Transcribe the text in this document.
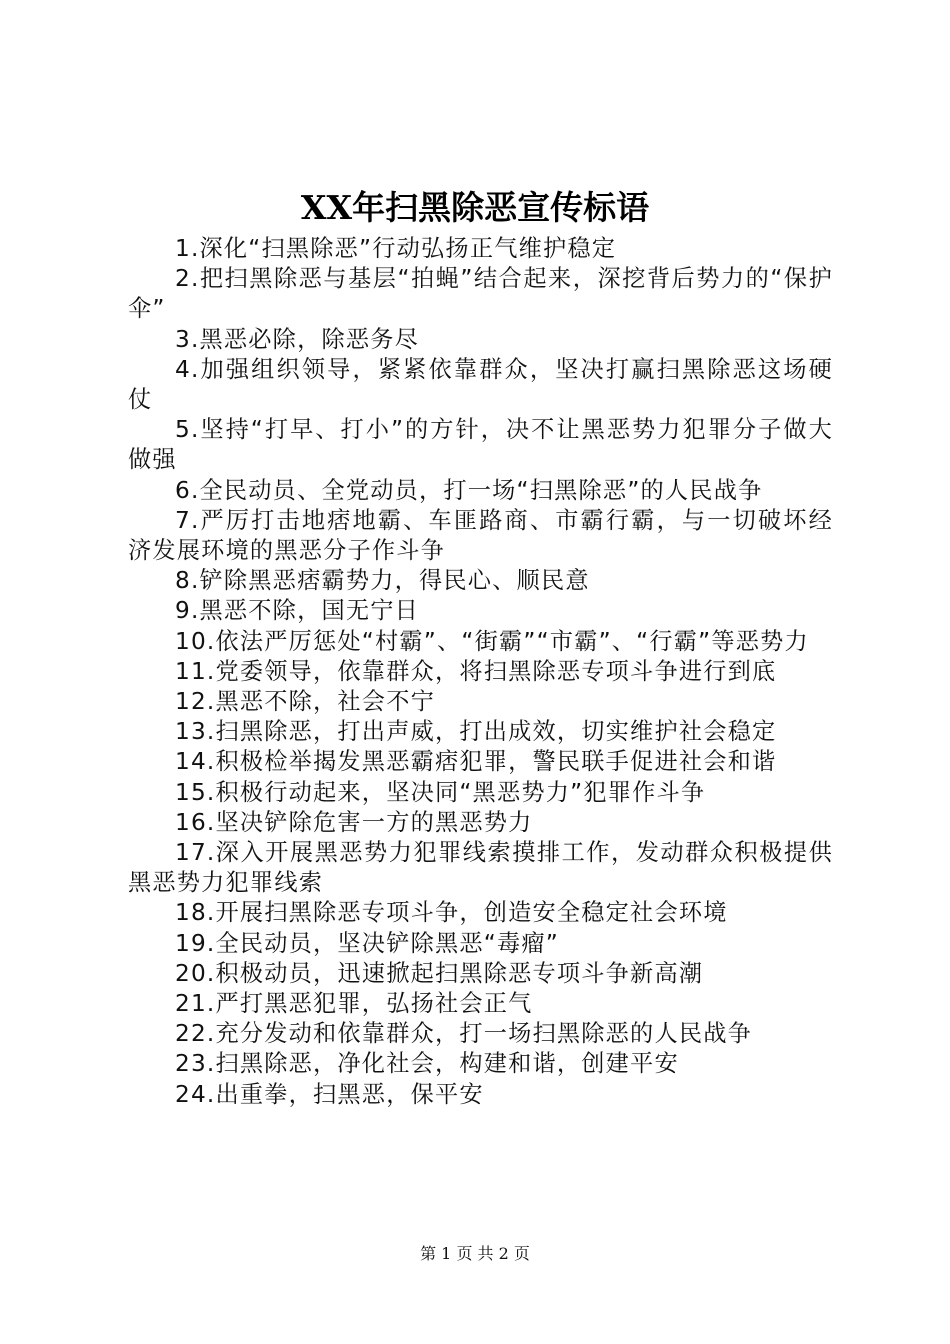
XX年扫黑除恶宣传标语

1.深化“扫黑除恶”行动弘扬正气维护稳定

2.把扫黑除恶与基层“拍蝇”结合起来，深挖背后势力的“保护伞”

3.黑恶必除，除恶务尽

4.加强组织领导，紧紧依靠群众，坚决打赢扫黑除恶这场硬仗

5.坚持“打早、打小”的方针，决不让黑恶势力犯罪分子做大做强

6.全民动员、全党动员，打一场“扫黑除恶”的人民战争

7.严厉打击地痞地霸、车匪路商、市霸行霸，与一切破坏经济发展环境的黑恶分子作斗争

8.铲除黑恶痞霸势力，得民心、顺民意

9.黑恶不除，国无宁日

10.依法严厉惩处“村霸”、“街霸”“市霸”、“行霸”等恶势力

11.党委领导，依靠群众，将扫黑除恶专项斗争进行到底

12.黑恶不除，社会不宁

13.扫黑除恶，打出声威，打出成效，切实维护社会稳定

14.积极检举揭发黑恶霸痞犯罪，警民联手促进社会和谐

15.积极行动起来，坚决同“黑恶势力”犯罪作斗争

16.坚决铲除危害一方的黑恶势力

17.深入开展黑恶势力犯罪线索摸排工作，发动群众积极提供黑恶势力犯罪线索

18.开展扫黑除恶专项斗争，创造安全稳定社会环境

19.全民动员，坚决铲除黑恶“毒瘤”

20.积极动员，迅速掀起扫黑除恶专项斗争新高潮

21.严打黑恶犯罪，弘扬社会正气

22.充分发动和依靠群众，打一场扫黑除恶的人民战争

23.扫黑除恶，净化社会，构建和谐，创建平安

24.出重拳，扫黑恶，保平安

第 1 页 共 2 页
